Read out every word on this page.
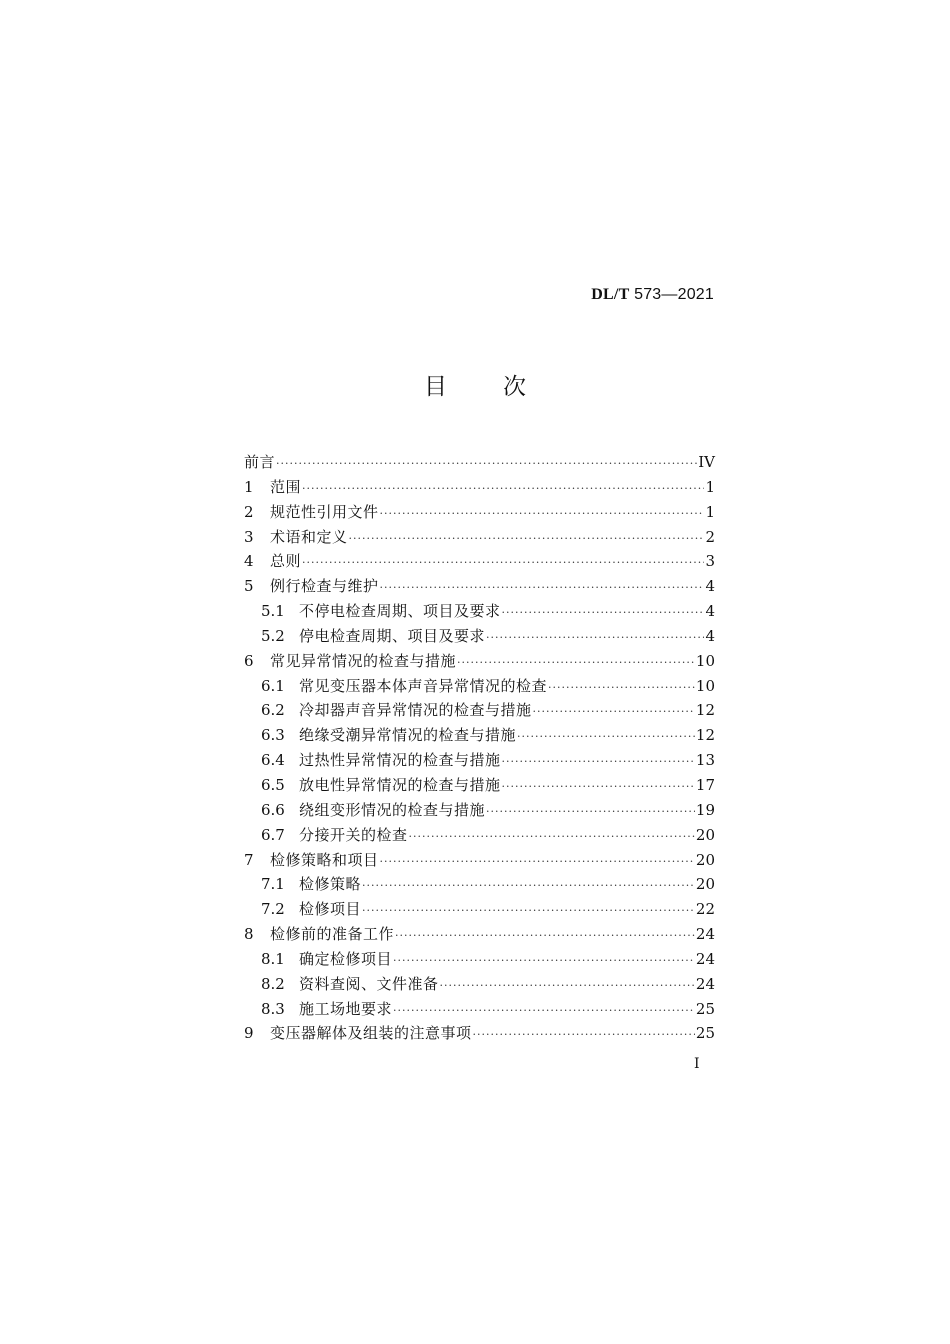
DL/T 573—2021
目 次
前言 ·····	IV
1	范围 ·····	1
2	规范性引用文件 ·····	1
3	术语和定义 ·····	2
4	总则 ·····	3
5	例行检查与维护 ·····	4
5.1 不停电检查周期、项目及要求 ·····	4
5.2 停电检查周期、项目及要求 ·····	4
6	常见异常情况的检查与措施 ·····	10
6.1 常见变压器本体声音异常情况的检查 ·····	10
6.2 冷却器声音异常情况的检查与措施 ·····	12
6.3 绝缘受潮异常情况的检查与措施 ·····	12
6.4 过热性异常情况的检查与措施 ·····	13
6.5 放电性异常情况的检查与措施 ·····	17
6.6 绕组变形情况的检查与措施 ·····	19
6.7 分接开关的检查 ·····	20
7	检修策略和项目 ·····	20
7.1 检修策略 ·····	20
7.2 检修项目 ·····	22
8	检修前的准备工作 ·····	24
8.1 确定检修项目 ·····	24
8.2 资料查阅、文件准备 ·····	24
8.3 施工场地要求 ·····	25
9	变压器解体及组装的注意事项 ·····	25
I
